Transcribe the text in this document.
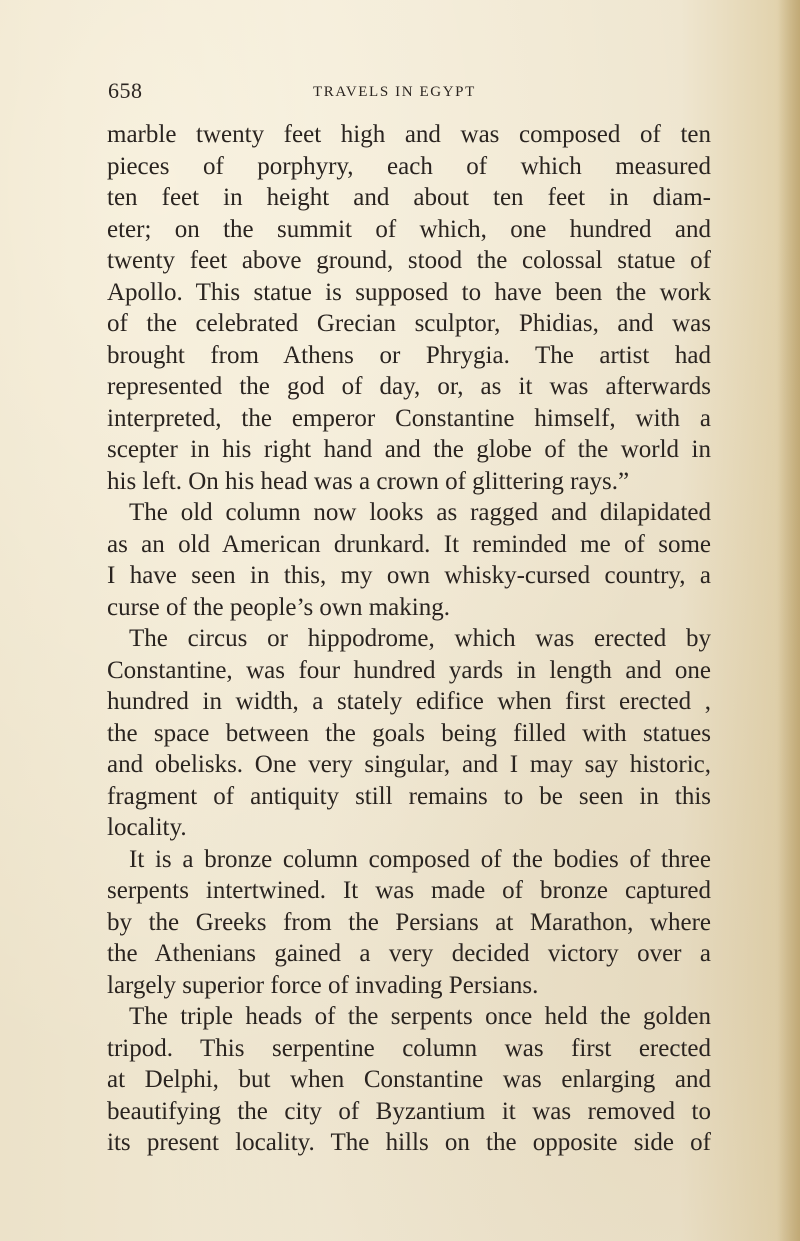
658	TRAVELS IN EGYPT
marble twenty feet high and was composed of ten
pieces of porphyry, each of which measured
ten feet in height and about ten feet in diam-
eter; on the summit of which, one hundred and
twenty feet above ground, stood the colossal statue of
Apollo. This statue is supposed to have been the work
of the celebrated Grecian sculptor, Phidias, and was
brought from Athens or Phrygia. The artist had
represented the god of day, or, as it was afterwards
interpreted, the emperor Constantine himself, with a
scepter in his right hand and the globe of the world in
his left. On his head was a crown of glittering rays.”
The old column now looks as ragged and dilapidated
as an old American drunkard. It reminded me of some
I have seen in this, my own whisky-cursed country, a
curse of the people’s own making.
The circus or hippodrome, which was erected by
Constantine, was four hundred yards in length and one
hundred in width, a stately edifice when first erected ,
the space between the goals being filled with statues
and obelisks. One very singular, and I may say historic,
fragment of antiquity still remains to be seen in this
locality.
It is a bronze column composed of the bodies of three
serpents intertwined. It was made of bronze captured
by the Greeks from the Persians at Marathon, where
the Athenians gained a very decided victory over a
largely superior force of invading Persians.
The triple heads of the serpents once held the golden
tripod. This serpentine column was first erected
at Delphi, but when Constantine was enlarging and
beautifying the city of Byzantium it was removed to
its present locality. The hills on the opposite side of
